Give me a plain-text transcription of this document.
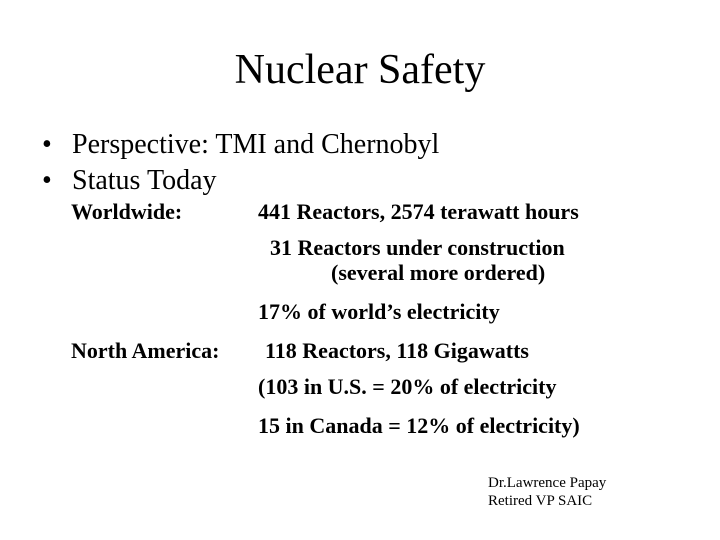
Nuclear Safety
• Perspective: TMI and Chernobyl
• Status Today
Worldwide:	441 Reactors, 2574 terawatt hours
31 Reactors under construction
(several more ordered)
17% of world’s electricity
North America: 118 Reactors, 118 Gigawatts
(103 in U.S. = 20% of electricity
15 in Canada = 12% of electricity)
Dr.Lawrence Papay
Retired VP SAIC
